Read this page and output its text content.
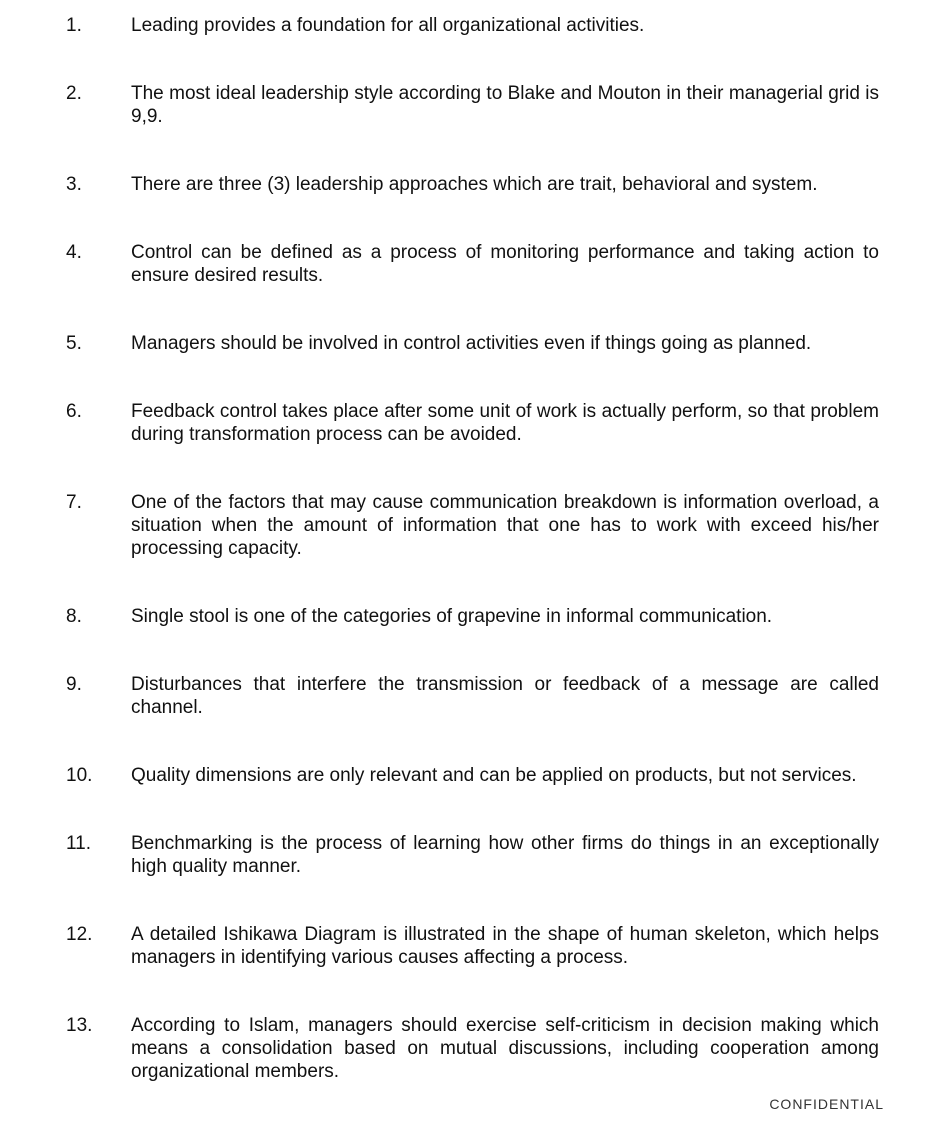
1.	Leading provides a foundation for all organizational activities.
2.	The most ideal leadership style according to Blake and Mouton in their managerial grid is 9,9.
3.	There are three (3) leadership approaches which are trait, behavioral and system.
4.	Control can be defined as a process of monitoring performance and taking action to ensure desired results.
5.	Managers should be involved in control activities even if things going as planned.
6.	Feedback control takes place after some unit of work is actually perform, so that problem during transformation process can be avoided.
7.	One of the factors that may cause communication breakdown is information overload, a situation when the amount of information that one has to work with exceed his/her processing capacity.
8.	Single stool is one of the categories of grapevine in informal communication.
9.	Disturbances that interfere the transmission or feedback of a message are called channel.
10.	Quality dimensions are only relevant and can be applied on products, but not services.
11.	Benchmarking is the process of learning how other firms do things in an exceptionally high quality manner.
12.	A detailed Ishikawa Diagram is illustrated in the shape of human skeleton, which helps managers in identifying various causes affecting a process.
13.	According to Islam, managers should exercise self-criticism in decision making which means a consolidation based on mutual discussions, including cooperation among organizational members.
CONFIDENTIAL
